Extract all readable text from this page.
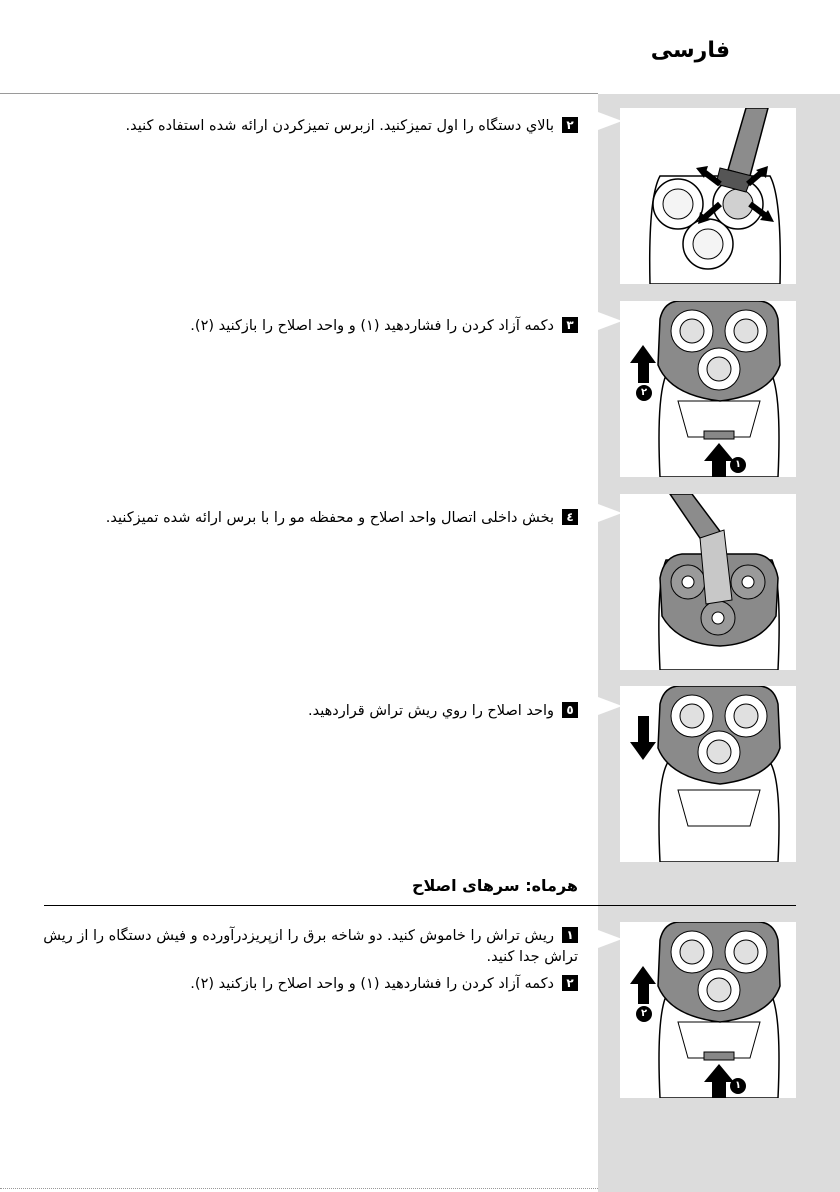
فارسی
٢بالاي دستگاه را اول تميزكنيد. ازبرس تميزكردن ارائه شده استفاده كنيد.
٣دكمه آزاد كردن را فشاردهيد (١) و واحد اصلاح را بازكنيد (٢).
٢
١
٤بخش داخلى اتصال واحد اصلاح و محفظه مو را با برس ارائه شده تميزكنيد.
٥واحد اصلاح را روي ريش تراش قراردهيد.
هرماه: سرهاى اصلاح
١ريش تراش را خاموش كنيد. دو شاخه برق را ازپريزدرآورده و فيش دستگاه را از ريش تراش جدا كنيد.
٢دكمه آزاد كردن را فشاردهيد (١) و واحد اصلاح را بازكنيد (٢).
٢
١
